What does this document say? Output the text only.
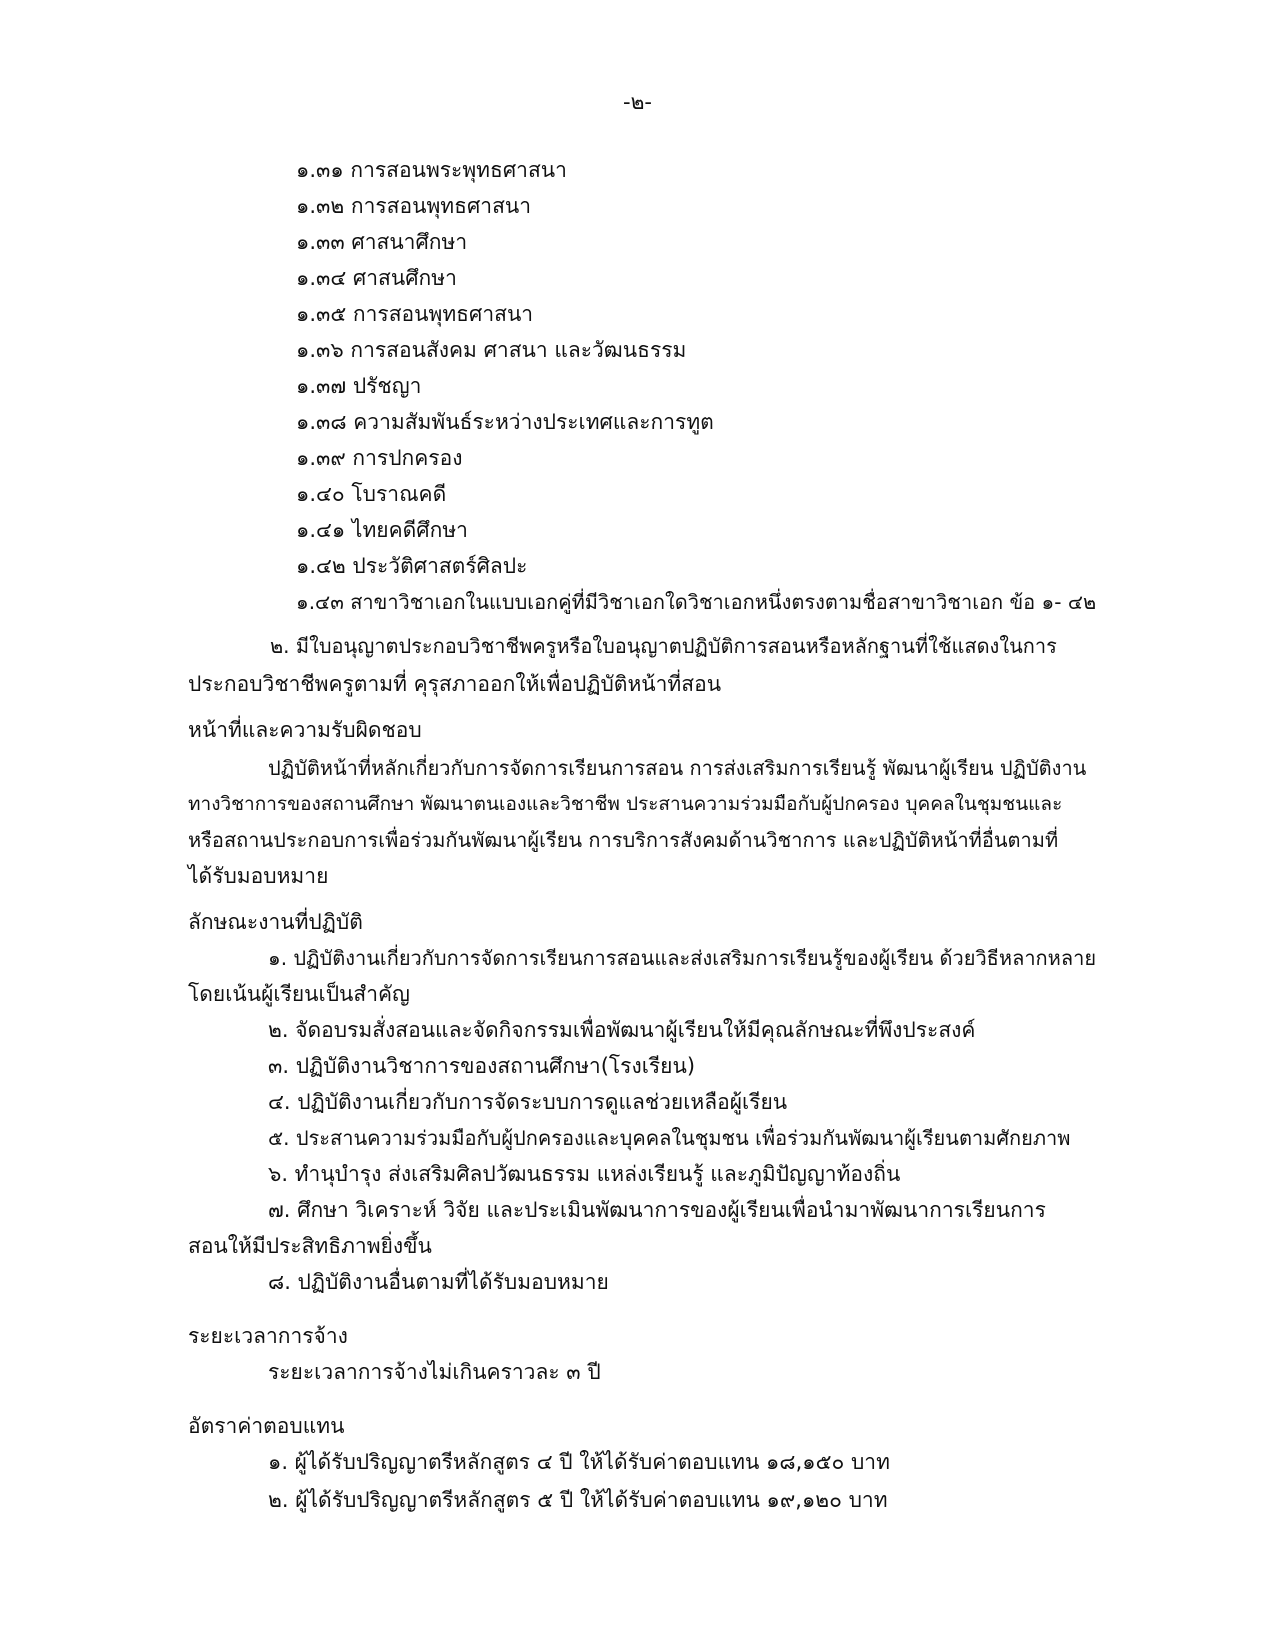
-๒-
๑.๓๑ การสอนพระพุทธศาสนา
๑.๓๒ การสอนพุทธศาสนา
๑.๓๓ ศาสนาศึกษา
๑.๓๔ ศาสนศึกษา
๑.๓๕ การสอนพุทธศาสนา
๑.๓๖ การสอนสังคม ศาสนา และวัฒนธรรม
๑.๓๗ ปรัชญา
๑.๓๘ ความสัมพันธ์ระหว่างประเทศและการทูต
๑.๓๙ การปกครอง
๑.๔๐ โบราณคดี
๑.๔๑ ไทยคดีศึกษา
๑.๔๒ ประวัติศาสตร์ศิลปะ
๑.๔๓ สาขาวิชาเอกในแบบเอกคู่ที่มีวิชาเอกใดวิชาเอกหนึ่งตรงตามชื่อสาขาวิชาเอก ข้อ ๑- ๔๒
๒. มีใบอนุญาตประกอบวิชาชีพครูหรือใบอนุญาตปฏิบัติการสอนหรือหลักฐานที่ใช้แสดงในการ
ประกอบวิชาชีพครูตามที่ คุรุสภาออกให้เพื่อปฏิบัติหน้าที่สอน
หน้าที่และความรับผิดชอบ
ปฏิบัติหน้าที่หลักเกี่ยวกับการจัดการเรียนการสอน การส่งเสริมการเรียนรู้ พัฒนาผู้เรียน ปฏิบัติงาน
ทางวิชาการของสถานศึกษา พัฒนาตนเองและวิชาชีพ ประสานความร่วมมือกับผู้ปกครอง บุคคลในชุมชนและ
หรือสถานประกอบการเพื่อร่วมกันพัฒนาผู้เรียน การบริการสังคมด้านวิชาการ และปฏิบัติหน้าที่อื่นตามที่
ได้รับมอบหมาย
ลักษณะงานที่ปฏิบัติ
๑. ปฏิบัติงานเกี่ยวกับการจัดการเรียนการสอนและส่งเสริมการเรียนรู้ของผู้เรียน ด้วยวิธีหลากหลาย
โดยเน้นผู้เรียนเป็นสำคัญ
๒. จัดอบรมสั่งสอนและจัดกิจกรรมเพื่อพัฒนาผู้เรียนให้มีคุณลักษณะที่พึงประสงค์
๓. ปฏิบัติงานวิชาการของสถานศึกษา(โรงเรียน)
๔. ปฏิบัติงานเกี่ยวกับการจัดระบบการดูแลช่วยเหลือผู้เรียน
๕. ประสานความร่วมมือกับผู้ปกครองและบุคคลในชุมชน เพื่อร่วมกันพัฒนาผู้เรียนตามศักยภาพ
๖. ทำนุบำรุง ส่งเสริมศิลปวัฒนธรรม แหล่งเรียนรู้ และภูมิปัญญาท้องถิ่น
๗. ศึกษา วิเคราะห์ วิจัย และประเมินพัฒนาการของผู้เรียนเพื่อนำมาพัฒนาการเรียนการ
สอนให้มีประสิทธิภาพยิ่งขึ้น
๘. ปฏิบัติงานอื่นตามที่ได้รับมอบหมาย
ระยะเวลาการจ้าง
ระยะเวลาการจ้างไม่เกินคราวละ ๓ ปี
อัตราค่าตอบแทน
๑. ผู้ได้รับปริญญาตรีหลักสูตร ๔ ปี ให้ได้รับค่าตอบแทน ๑๘,๑๕๐ บาท
๒. ผู้ได้รับปริญญาตรีหลักสูตร ๕ ปี ให้ได้รับค่าตอบแทน ๑๙,๑๒๐ บาท
